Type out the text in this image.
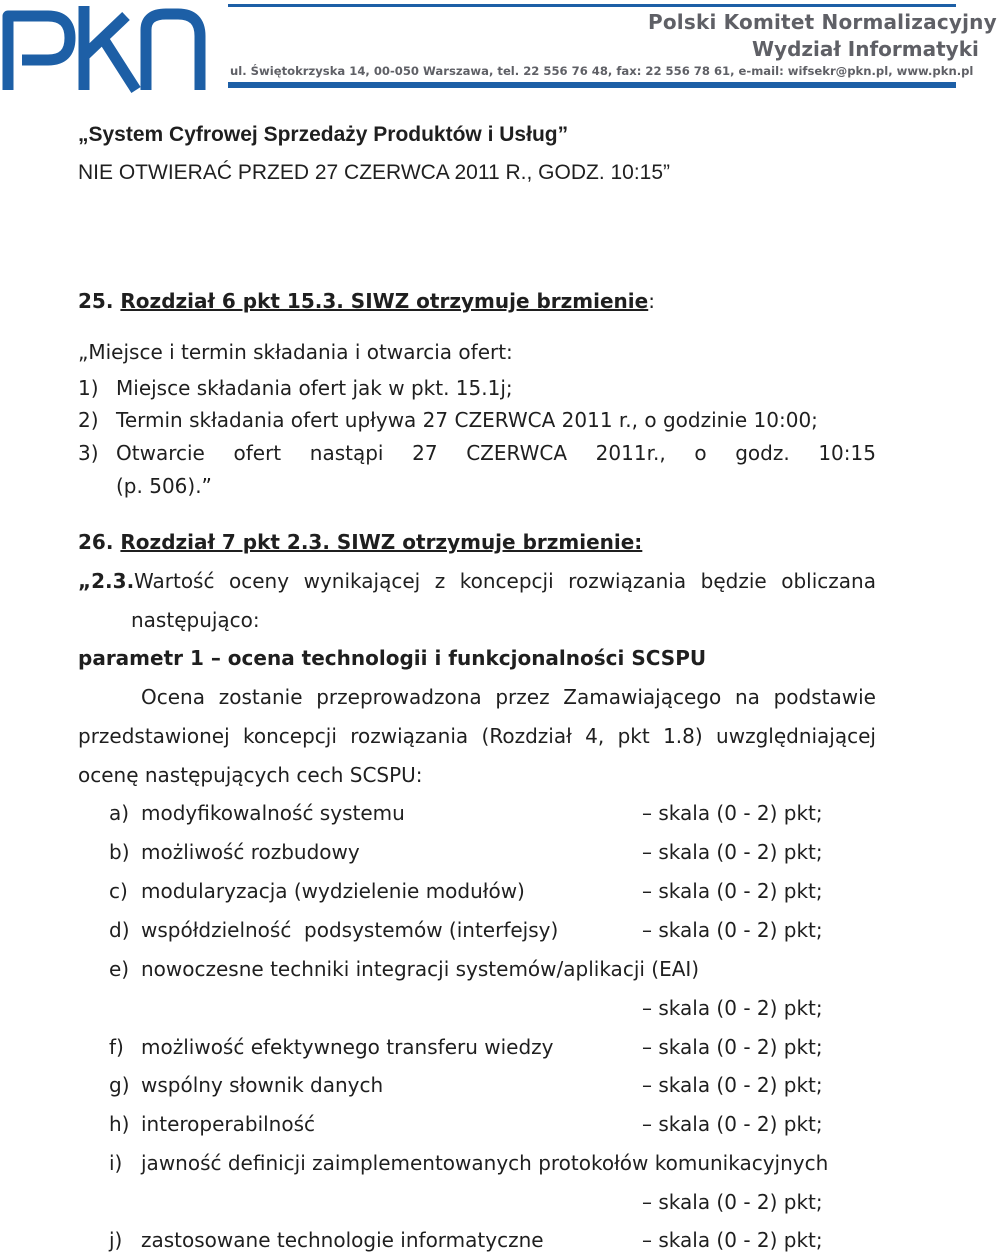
Polski Komitet Normalizacyjny
Wydział Informatyki
ul. Świętokrzyska 14, 00-050 Warszawa, tel. 22 556 76 48, fax: 22 556 78 61, e-mail: wifsekr@pkn.pl, www.pkn.pl
„System Cyfrowej Sprzedaży Produktów i Usług”
NIE OTWIERAĆ PRZED 27 CZERWCA 2011 R., GODZ. 10:15”
25. Rozdział 6 pkt 15.3. SIWZ otrzymuje brzmienie:
„Miejsce i termin składania i otwarcia ofert:
1) Miejsce składania ofert jak w pkt. 15.1j;
2) Termin składania ofert upływa 27 CZERWCA 2011 r., o godzinie 10:00;
3) Otwarcie ofert nastąpi 27 CZERWCA 2011r., o godz. 10:15
(p. 506).”
26. Rozdział 7 pkt 2.3. SIWZ otrzymuje brzmienie:
„2.3. Wartość oceny wynikającej z koncepcji rozwiązania będzie obliczana
następująco:
parametr 1 – ocena technologii i funkcjonalności SCSPU
Ocena zostanie przeprowadzona przez Zamawiającego na podstawie
przedstawionej koncepcji rozwiązania (Rozdział 4, pkt 1.8) uwzględniającej
ocenę następujących cech SCSPU:
a) modyfikowalność systemu	– skala (0 - 2) pkt;
b) możliwość rozbudowy	– skala (0 - 2) pkt;
c) modularyzacja (wydzielenie modułów)	– skala (0 - 2) pkt;
d) współdzielność  podsystemów (interfejsy)	– skala (0 - 2) pkt;
e) nowoczesne techniki integracji systemów/aplikacji (EAI)
– skala (0 - 2) pkt;
f) możliwość efektywnego transferu wiedzy	– skala (0 - 2) pkt;
g) wspólny słownik danych	– skala (0 - 2) pkt;
h) interoperabilność	– skala (0 - 2) pkt;
i) jawność definicji zaimplementowanych protokołów komunikacyjnych
– skala (0 - 2) pkt;
j) zastosowane technologie informatyczne	– skala (0 - 2) pkt;
